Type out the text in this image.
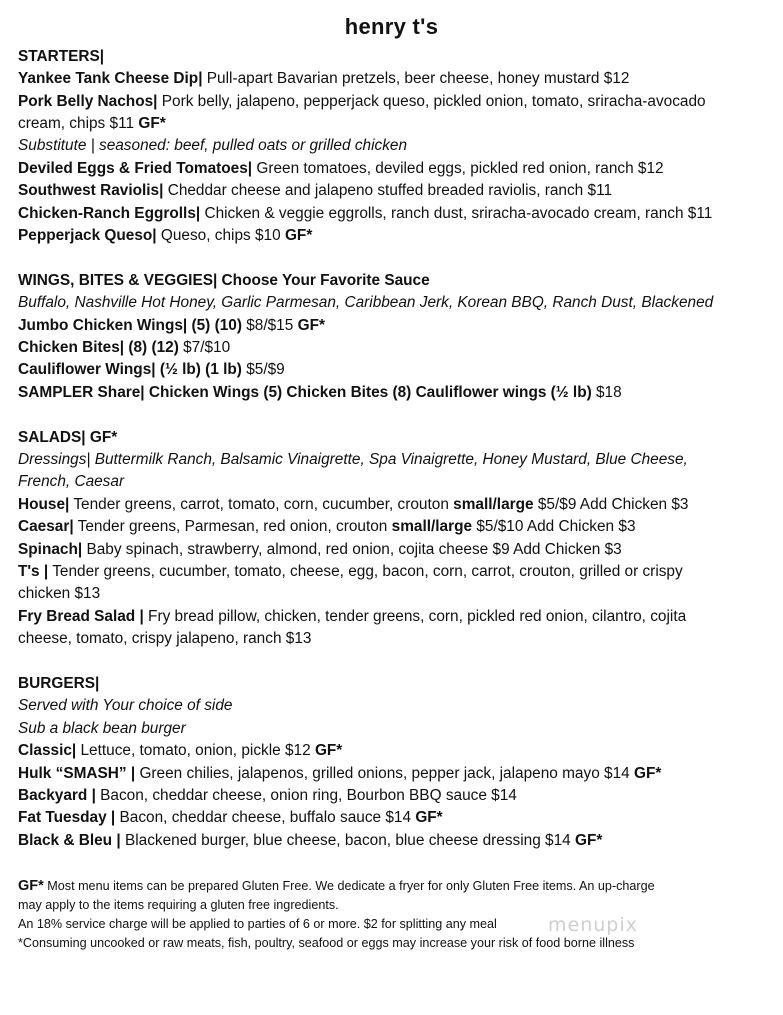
henry t's
STARTERS|
Yankee Tank Cheese Dip| Pull-apart Bavarian pretzels, beer cheese, honey mustard $12
Pork Belly Nachos| Pork belly, jalapeno, pepperjack queso, pickled onion, tomato, sriracha-avocado
cream, chips $11 GF*
Substitute | seasoned: beef, pulled oats or grilled chicken
Deviled Eggs & Fried Tomatoes| Green tomatoes, deviled eggs, pickled red onion, ranch $12
Southwest Raviolis| Cheddar cheese and jalapeno stuffed breaded raviolis, ranch $11
Chicken-Ranch Eggrolls| Chicken & veggie eggrolls, ranch dust, sriracha-avocado cream, ranch $11
Pepperjack Queso| Queso, chips $10 GF*
WINGS, BITES & VEGGIES| Choose Your Favorite Sauce
Buffalo, Nashville Hot Honey, Garlic Parmesan, Caribbean Jerk, Korean BBQ, Ranch Dust, Blackened
Jumbo Chicken Wings| (5) (10) $8/$15 GF*
Chicken Bites| (8) (12) $7/$10
Cauliflower Wings| (½ lb) (1 lb) $5/$9
SAMPLER Share| Chicken Wings (5) Chicken Bites (8) Cauliflower wings (½ lb) $18
SALADS| GF*
Dressings| Buttermilk Ranch, Balsamic Vinaigrette, Spa Vinaigrette, Honey Mustard, Blue Cheese,
French, Caesar
House| Tender greens, carrot, tomato, corn, cucumber, crouton small/large $5/$9 Add Chicken $3
Caesar| Tender greens, Parmesan, red onion, crouton small/large $5/$10 Add Chicken $3
Spinach| Baby spinach, strawberry, almond, red onion, cojita cheese $9 Add Chicken $3
T's | Tender greens, cucumber, tomato, cheese, egg, bacon, corn, carrot, crouton, grilled or crispy
chicken $13
Fry Bread Salad | Fry bread pillow, chicken, tender greens, corn, pickled red onion, cilantro, cojita
cheese, tomato, crispy jalapeno, ranch $13
BURGERS|
Served with Your choice of side
Sub a black bean burger
Classic| Lettuce, tomato, onion, pickle $12 GF*
Hulk “SMASH” | Green chilies, jalapenos, grilled onions, pepper jack, jalapeno mayo $14 GF*
Backyard | Bacon, cheddar cheese, onion ring, Bourbon BBQ sauce $14
Fat Tuesday | Bacon, cheddar cheese, buffalo sauce $14 GF*
Black & Bleu | Blackened burger, blue cheese, bacon, blue cheese dressing $14 GF*
GF* Most menu items can be prepared Gluten Free. We dedicate a fryer for only Gluten Free items. An up-charge
may apply to the items requiring a gluten free ingredients.
An 18% service charge will be applied to parties of 6 or more. $2 for splitting any meal
*Consuming uncooked or raw meats, fish, poultry, seafood or eggs may increase your risk of food borne illness
menupix
